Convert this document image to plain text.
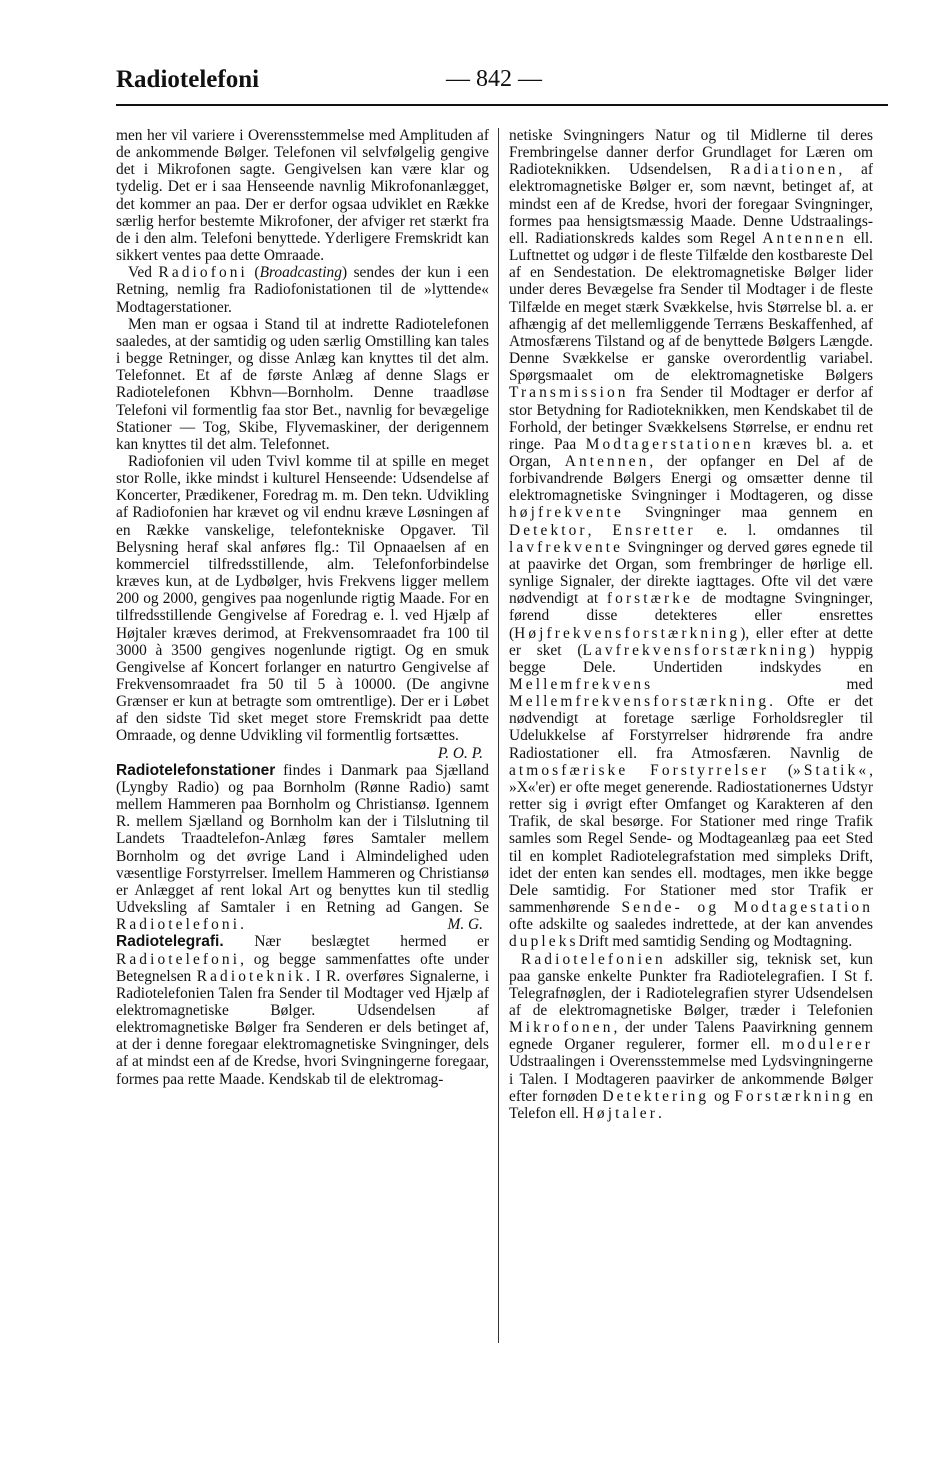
Radiotelefoni	— 842 —

men her vil variere i Overensstemmelse med Amplituden af de ankommende Bølger. Telefonen vil selvfølgelig gengive det i Mikrofonen sagte. Gengivelsen kan være klar og tydelig. Det er i saa Henseende navnlig Mikrofonanlægget, det kommer an paa. Der er derfor ogsaa udviklet en Række særlig herfor bestemte Mikrofoner, der afviger ret stærkt fra de i den alm. Telefoni benyttede. Yderligere Fremskridt kan sikkert ventes paa dette Omraade.

Ved Radiofoni (Broadcasting) sendes der kun i een Retning, nemlig fra Radiofonistationen til de »lyttende« Modtagerstationer.

Men man er ogsaa i Stand til at indrette Radiotelefonen saaledes, at der samtidig og uden særlig Omstilling kan tales i begge Retninger, og disse Anlæg kan knyttes til det alm. Telefonnet. Et af de første Anlæg af denne Slags er Radiotelefonen Kbhvn—Bornholm. Denne traadløse Telefoni vil formentlig faa stor Bet., navnlig for bevægelige Stationer — Tog, Skibe, Flyvemaskiner, der derigennem kan knyttes til det alm. Telefonnet.

Radiofonien vil uden Tvivl komme til at spille en meget stor Rolle, ikke mindst i kulturel Henseende: Udsendelse af Koncerter, Prædikener, Foredrag m. m. Den tekn. Udvikling af Radiofonien har krævet og vil endnu kræve Løsningen af en Række vanskelige, telefontekniske Opgaver. Til Belysning heraf skal anføres flg.: Til Opnaaelsen af en kommerciel tilfredsstillende, alm. Telefonforbindelse kræves kun, at de Lydbølger, hvis Frekvens ligger mellem 200 og 2000, gengives paa nogenlunde rigtig Maade. For en tilfredsstillende Gengivelse af Foredrag e. l. ved Hjælp af Højtaler kræves derimod, at Frekvensomraadet fra 100 til 3000 à 3500 gengives nogenlunde rigtigt. Og en smuk Gengivelse af Koncert forlanger en naturtro Gengivelse af Frekvensomraadet fra 50 til 5 à 10000. (De angivne Grænser er kun at betragte som omtrentlige). Der er i Løbet af den sidste Tid sket meget store Fremskridt paa dette Omraade, og denne Udvikling vil formentlig fortsættes.

P. O. P.

Radiotelefonstationer findes i Danmark paa Sjælland (Lyngby Radio) og paa Bornholm (Rønne Radio) samt mellem Hammeren paa Bornholm og Christiansø. Igennem R. mellem Sjælland og Bornholm kan der i Tilslutning til Landets Traadtelefon-Anlæg føres Samtaler mellem Bornholm og det øvrige Land i Almindelighed uden væsentlige Forstyrrelser. Imellem Hammeren og Christiansø er Anlægget af rent lokal Art og benyttes kun til stedlig Udveksling af Samtaler i en Retning ad Gangen. Se Radiotelefoni.	M. G.

Radiotelegrafi. Nær beslægtet hermed er Radiotelefoni, og begge sammenfattes ofte under Betegnelsen Radioteknik. I R. overføres Signalerne, i Radiotelefonien Talen fra Sender til Modtager ved Hjælp af elektromagnetiske Bølger. Udsendelsen af elektromagnetiske Bølger fra Senderen er dels betinget af, at der i denne foregaar elektromagnetiske Svingninger, dels af at mindst een af de Kredse, hvori Svingningerne foregaar, formes paa rette Maade. Kendskab til de elektromag-

netiske Svingningers Natur og til Midlerne til deres Frembringelse danner derfor Grundlaget for Læren om Radioteknikken. Udsendelsen, Radiationen, af elektromagnetiske Bølger er, som nævnt, betinget af, at mindst een af de Kredse, hvori der foregaar Svingninger, formes paa hensigtsmæssig Maade. Denne Udstraalings- ell. Radiationskreds kaldes som Regel Antennen ell. Luftnettet og udgør i de fleste Tilfælde den kostbareste Del af en Sendestation. De elektromagnetiske Bølger lider under deres Bevægelse fra Sender til Modtager i de fleste Tilfælde en meget stærk Svækkelse, hvis Størrelse bl. a. er afhængig af det mellemliggende Terræns Beskaffenhed, af Atmosfærens Tilstand og af de benyttede Bølgers Længde. Denne Svækkelse er ganske overordentlig variabel. Spørgsmaalet om de elektromagnetiske Bølgers Transmission fra Sender til Modtager er derfor af stor Betydning for Radioteknikken, men Kendskabet til de Forhold, der betinger Svækkelsens Størrelse, er endnu ret ringe. Paa Modtagerstationen kræves bl. a. et Organ, Antennen, der opfanger en Del af de forbivandrende Bølgers Energi og omsætter denne til elektromagnetiske Svingninger i Modtageren, og disse højfrekvente Svingninger maa gennem en Detektor, Ensretter e. l. omdannes til lavfrekvente Svingninger og derved gøres egnede til at paavirke det Organ, som frembringer de hørlige ell. synlige Signaler, der direkte iagttages. Ofte vil det være nødvendigt at forstærke de modtagne Svingninger, førend disse detekteres eller ensrettes (Højfrekvensforstærkning), eller efter at dette er sket (Lavfrekvensforstærkning) hyppig begge Dele. Undertiden indskydes en Mellemfrekvens med Mellemfrekvensforstærkning. Ofte er det nødvendigt at foretage særlige Forholdsregler til Udelukkelse af Forstyrrelser hidrørende fra andre Radiostationer ell. fra Atmosfæren. Navnlig de atmosfæriske Forstyrrelser (»Statik«, »X«'er) er ofte meget generende. Radiostationernes Udstyr retter sig i øvrigt efter Omfanget og Karakteren af den Trafik, de skal besørge. For Stationer med ringe Trafik samles som Regel Sende- og Modtageanlæg paa eet Sted til en komplet Radiotelegrafstation med simpleks Drift, idet der enten kan sendes ell. modtages, men ikke begge Dele samtidig. For Stationer med stor Trafik er sammenhørende Sende- og Modtagestation ofte adskilte og saaledes indrettede, at der kan anvendes dupleksDrift med samtidig Sending og Modtagning.

Radiotelefonien adskiller sig, teknisk set, kun paa ganske enkelte Punkter fra Radiotelegrafien. I St f. Telegrafnøglen, der i Radiotelegrafien styrer Udsendelsen af de elektromagnetiske Bølger, træder i Telefonien Mikrofonen, der under Talens Paavirkning gennem egnede Organer regulerer, former ell. modulerer Udstraalingen i Overensstemmelse med Lydsvingningerne i Talen. I Modtageren paavirker de ankommende Bølger efter fornøden Detektering og Forstærkning en Telefon ell. Højtaler.
